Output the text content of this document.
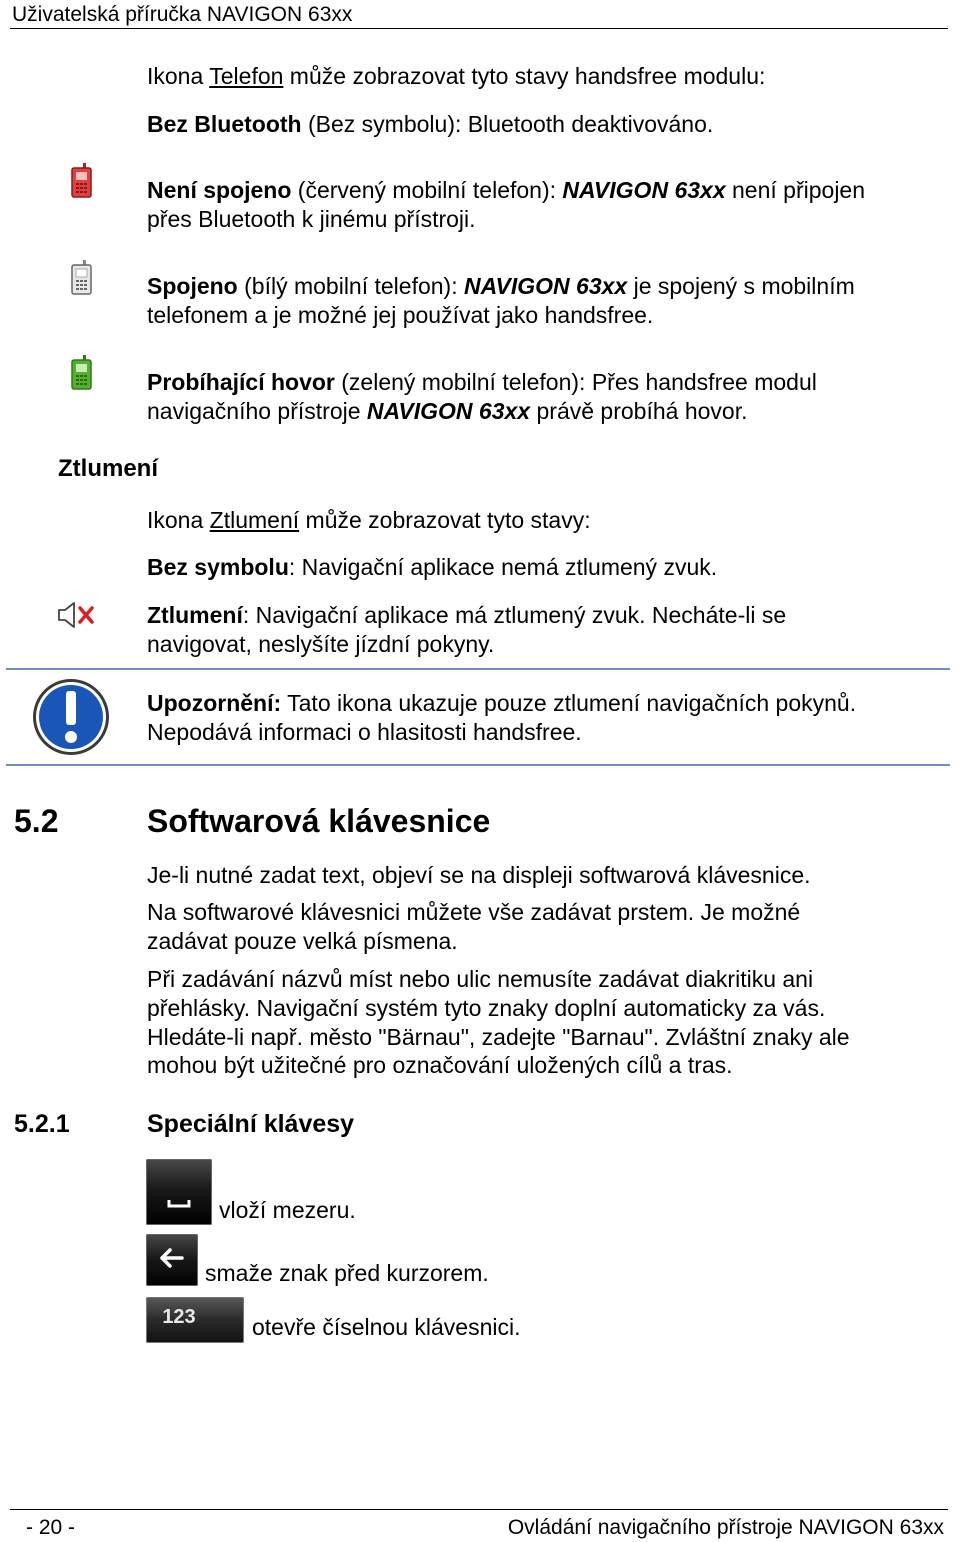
Uživatelská příručka NAVIGON 63xx
Ikona Telefon může zobrazovat tyto stavy handsfree modulu:
Bez Bluetooth (Bez symbolu): Bluetooth deaktivováno.
Není spojeno (červený mobilní telefon): NAVIGON 63xx není připojen
přes Bluetooth k jinému přístroji.
Spojeno (bílý mobilní telefon): NAVIGON 63xx je spojený s mobilním
telefonem a je možné jej používat jako handsfree.
Probíhající hovor (zelený mobilní telefon): Přes handsfree modul
navigačního přístroje NAVIGON 63xx právě probíhá hovor.
Ztlumení
Ikona Ztlumení může zobrazovat tyto stavy:
Bez symbolu: Navigační aplikace nemá ztlumený zvuk.
Ztlumení: Navigační aplikace má ztlumený zvuk. Necháte-li se
navigovat, neslyšíte jízdní pokyny.
Upozornění: Tato ikona ukazuje pouze ztlumení navigačních pokynů.
Nepodává informaci o hlasitosti handsfree.
5.2	Softwarová klávesnice
Je-li nutné zadat text, objeví se na displeji softwarová klávesnice.
Na softwarové klávesnici můžete vše zadávat prstem. Je možné
zadávat pouze velká písmena.
Při zadávání názvů míst nebo ulic nemusíte zadávat diakritiku ani
přehlásky. Navigační systém tyto znaky doplní automaticky za vás.
Hledáte-li např. město "Bärnau", zadejte "Barnau". Zvláštní znaky ale
mohou být užitečné pro označování uložených cílů a tras.
5.2.1	Speciální klávesy
vloží mezeru.
smaže znak před kurzorem.
123	otevře číselnou klávesnici.
- 20 -	Ovládání navigačního přístroje NAVIGON 63xx
